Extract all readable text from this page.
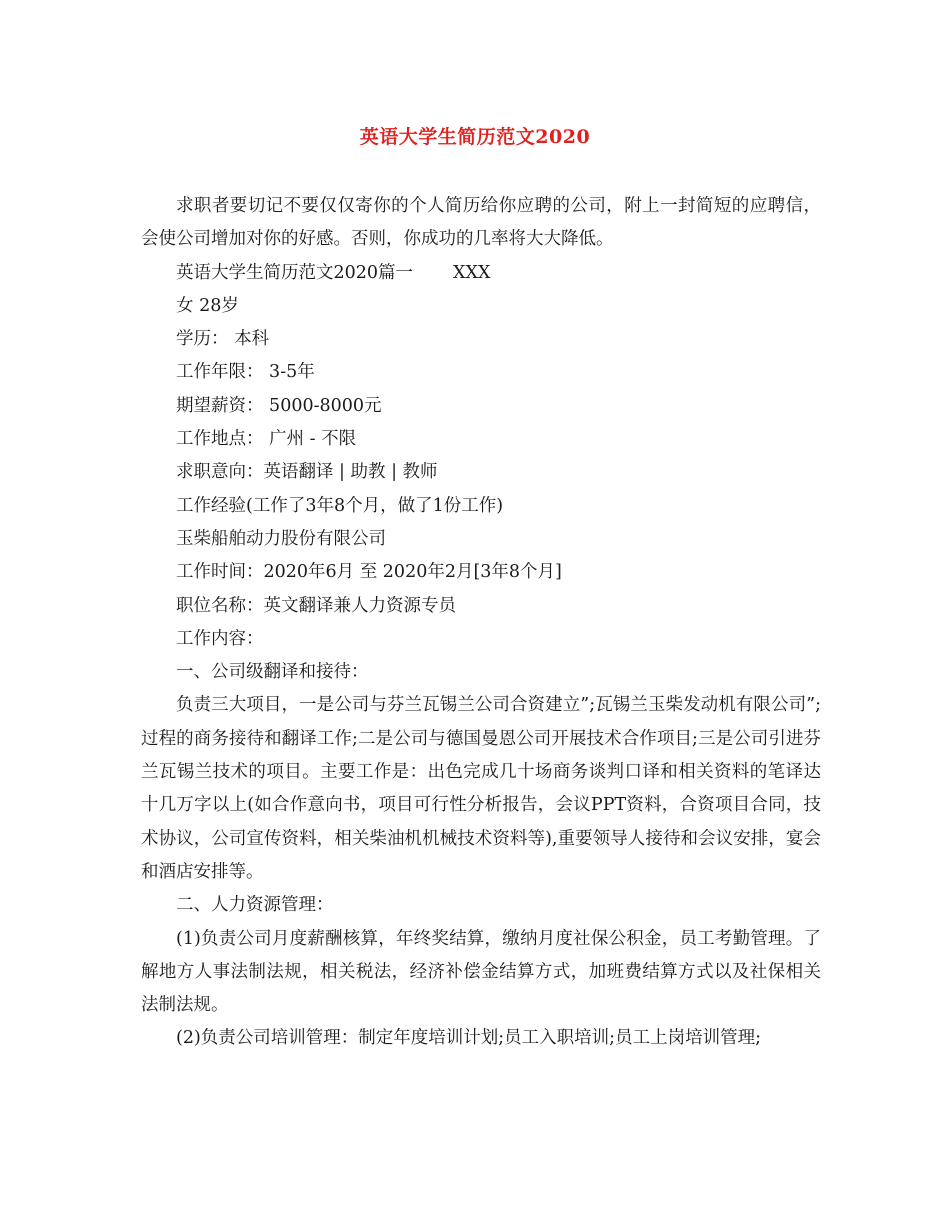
英语大学生简历范文2020

求职者要切记不要仅仅寄你的个人简历给你应聘的公司，附上一封简短的应聘信，会使公司增加对你的好感。否则，你成功的几率将大大降低。

英语大学生简历范文2020篇一 XXX

女 28岁

学历： 本科

工作年限： 3-5年

期望薪资： 5000-8000元

工作地点： 广州 - 不限

求职意向：英语翻译 | 助教 | 教师

工作经验(工作了3年8个月，做了1份工作)

玉柴船舶动力股份有限公司

工作时间：2020年6月 至 2020年2月[3年8个月]

职位名称：英文翻译兼人力资源专员

工作内容：

一、公司级翻译和接待：

负责三大项目，一是公司与芬兰瓦锡兰公司合资建立”;瓦锡兰玉柴发动机有限公司”;过程的商务接待和翻译工作;二是公司与德国曼恩公司开展技术合作项目;三是公司引进芬兰瓦锡兰技术的项目。主要工作是：出色完成几十场商务谈判口译和相关资料的笔译达十几万字以上(如合作意向书，项目可行性分析报告，会议PPT资料，合资项目合同，技术协议，公司宣传资料，相关柴油机机械技术资料等),重要领导人接待和会议安排，宴会和酒店安排等。

二、人力资源管理：

(1)负责公司月度薪酬核算，年终奖结算，缴纳月度社保公积金，员工考勤管理。了解地方人事法制法规，相关税法，经济补偿金结算方式，加班费结算方式以及社保相关法制法规。

(2)负责公司培训管理：制定年度培训计划;员工入职培训;员工上岗培训管理;
